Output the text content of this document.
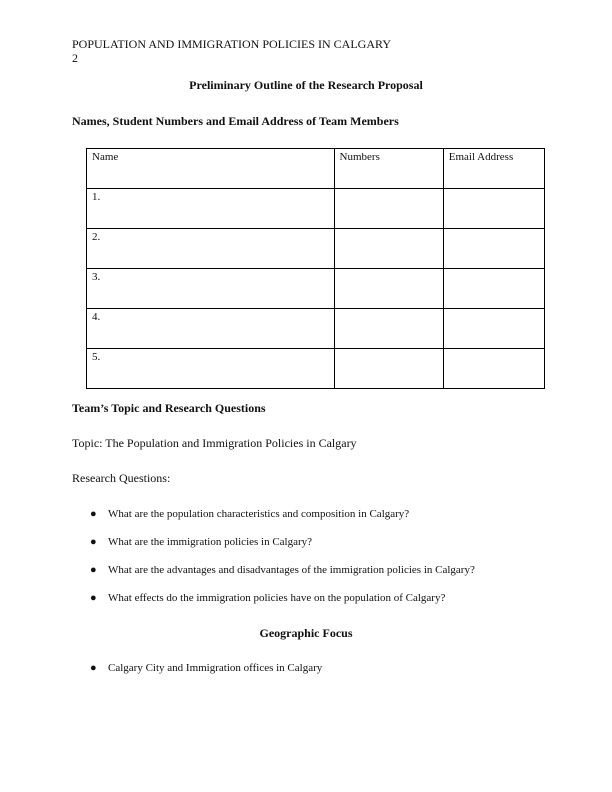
POPULATION AND IMMIGRATION POLICIES IN CALGARY
2
Preliminary Outline of the Research Proposal
Names, Student Numbers and Email Address of Team Members
Name	Numbers	Email Address
1.		
2.		
3.		
4.		
5.		
Team’s Topic and Research Questions
Topic: The Population and Immigration Policies in Calgary
Research Questions:
● What are the population characteristics and composition in Calgary?
● What are the immigration policies in Calgary?
● What are the advantages and disadvantages of the immigration policies in Calgary?
● What effects do the immigration policies have on the population of Calgary?
Geographic Focus
● Calgary City and Immigration offices in Calgary
